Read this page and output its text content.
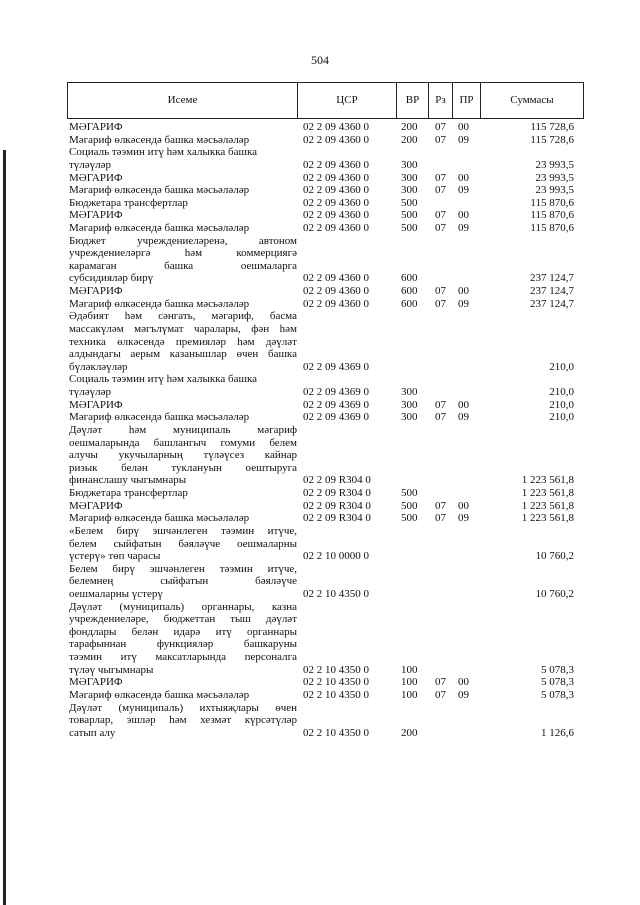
504
Исеме	ЦСР	ВР	Рз	ПР	Суммасы
МӘГАРИФ	02 2 09 4360 0	200	07	00	115 728,6
Мәгариф өлкәсендә башка мәсьәләләр	02 2 09 4360 0	200	07	09	115 728,6
Социаль тәэмин итү һәм халыкка башка
түләүләр	02 2 09 4360 0	300	23 993,5
МӘГАРИФ	02 2 09 4360 0	300	07	00	23 993,5
Мәгариф өлкәсендә башка мәсьәләләр	02 2 09 4360 0	300	07	09	23 993,5
Бюджетара трансфертлар	02 2 09 4360 0	500	115 870,6
МӘГАРИФ	02 2 09 4360 0	500	07	00	115 870,6
Мәгариф өлкәсендә башка мәсьәләләр	02 2 09 4360 0	500	07	09	115 870,6
Бюджет учреждениеләренә, автоном
учреждениеләргә һәм коммерциягә
карамаган башка оешмаларга
субсидияләр бирү	02 2 09 4360 0	600	237 124,7
МӘГАРИФ	02 2 09 4360 0	600	07	00	237 124,7
Мәгариф өлкәсендә башка мәсьәләләр	02 2 09 4360 0	600	07	09	237 124,7
Әдәбият һәм сәнгать, мәгариф, басма
массакүләм мәгълүмат чаралары, фән һәм
техника өлкәсендә премияләр һәм дәүләт
алдындагы аерым казанышлар өчен башка
бүләкләүләр	02 2 09 4369 0	210,0
Социаль тәэмин итү һәм халыкка башка
түләүләр	02 2 09 4369 0	300	210,0
МӘГАРИФ	02 2 09 4369 0	300	07	00	210,0
Мәгариф өлкәсендә башка мәсьәләләр	02 2 09 4369 0	300	07	09	210,0
Дәүләт һәм муниципаль мәгариф
оешмаларында башлангыч гомуми белем
алучы укучыларның түләүсез кайнар
ризык белән туклануын оештыруга
финанслашу чыгымнары	02 2 09 R304 0	1 223 561,8
Бюджетара трансфертлар	02 2 09 R304 0	500	1 223 561,8
МӘГАРИФ	02 2 09 R304 0	500	07	00	1 223 561,8
Мәгариф өлкәсендә башка мәсьәләләр	02 2 09 R304 0	500	07	09	1 223 561,8
«Белем бирү эшчәнлеген тәэмин итүче,
белем сыйфатын бәяләүче оешмаларны
үстерү» төп чарасы	02 2 10 0000 0	10 760,2
Белем бирү эшчәнлеген тәэмин итүче,
белемнең сыйфатын бәяләүче
оешмаларны үстерү	02 2 10 4350 0	10 760,2
Дәүләт (муниципаль) органнары, казна
учреждениеләре, бюджеттан тыш дәүләт
фондлары белән идарә итү органнары
тарафыннан функцияләр башкаруны
тәэмин итү максатларында персоналга
түләү чыгымнары	02 2 10 4350 0	100	5 078,3
МӘГАРИФ	02 2 10 4350 0	100	07	00	5 078,3
Мәгариф өлкәсендә башка мәсьәләләр	02 2 10 4350 0	100	07	09	5 078,3
Дәүләт (муниципаль) ихтыяҗлары өчен
товарлар, эшләр һәм хезмәт күрсәтүләр
сатып алу	02 2 10 4350 0	200	1 126,6
